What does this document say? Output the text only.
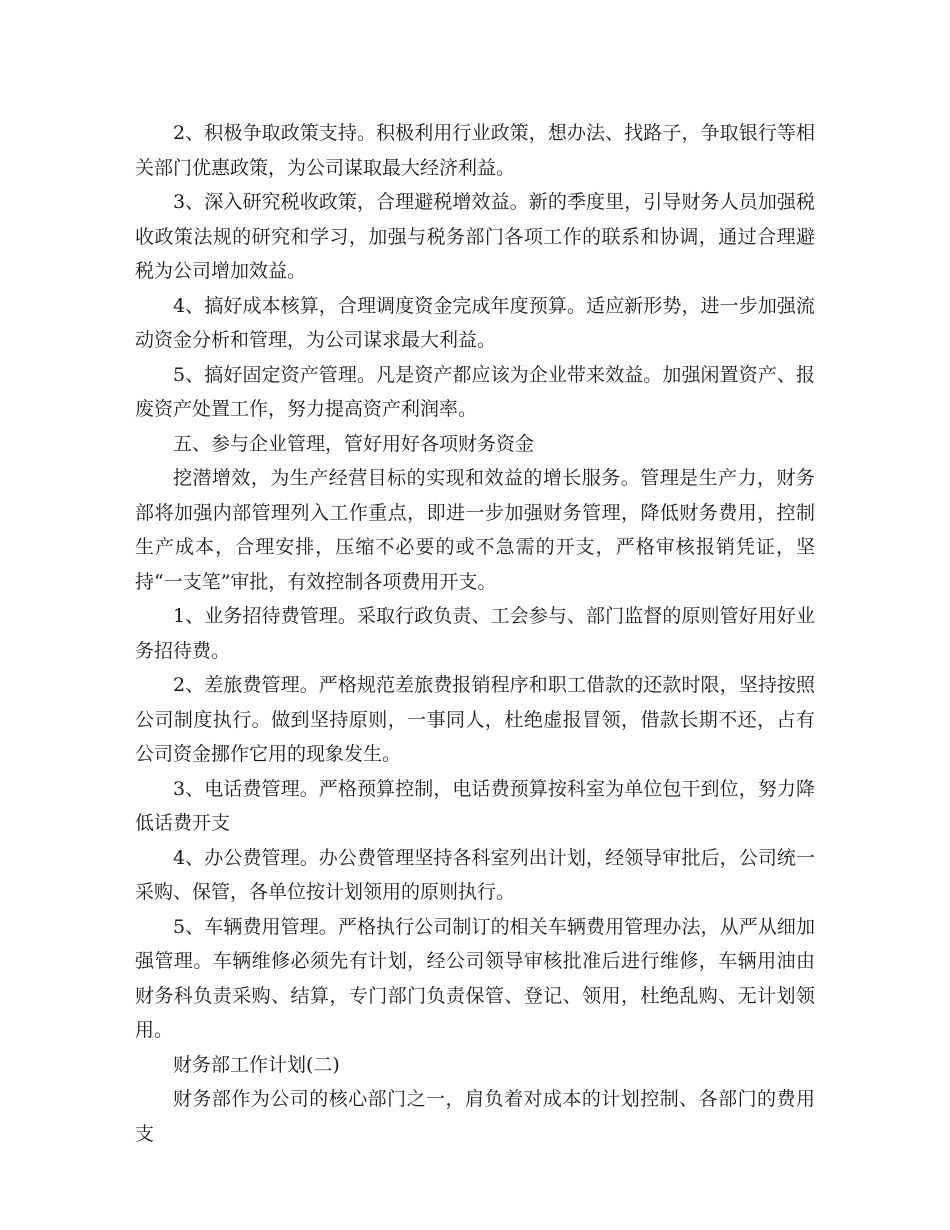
2、积极争取政策支持。积极利用行业政策，想办法、找路子，争取银行等相关部门优惠政策，为公司谋取最大经济利益。

3、深入研究税收政策，合理避税增效益。新的季度里，引导财务人员加强税收政策法规的研究和学习，加强与税务部门各项工作的联系和协调，通过合理避税为公司增加效益。

4、搞好成本核算，合理调度资金完成年度预算。适应新形势，进一步加强流动资金分析和管理，为公司谋求最大利益。

5、搞好固定资产管理。凡是资产都应该为企业带来效益。加强闲置资产、报废资产处置工作，努力提高资产利润率。

五、参与企业管理，管好用好各项财务资金

挖潜增效，为生产经营目标的实现和效益的增长服务。管理是生产力，财务部将加强内部管理列入工作重点，即进一步加强财务管理，降低财务费用，控制生产成本，合理安排，压缩不必要的或不急需的开支，严格审核报销凭证，坚持“一支笔”审批，有效控制各项费用开支。

1、业务招待费管理。采取行政负责、工会参与、部门监督的原则管好用好业务招待费。

2、差旅费管理。严格规范差旅费报销程序和职工借款的还款时限，坚持按照公司制度执行。做到坚持原则，一事同人，杜绝虚报冒领，借款长期不还，占有公司资金挪作它用的现象发生。

3、电话费管理。严格预算控制，电话费预算按科室为单位包干到位，努力降低话费开支

4、办公费管理。办公费管理坚持各科室列出计划，经领导审批后，公司统一采购、保管，各单位按计划领用的原则执行。

5、车辆费用管理。严格执行公司制订的相关车辆费用管理办法，从严从细加强管理。车辆维修必须先有计划，经公司领导审核批准后进行维修，车辆用油由财务科负责采购、结算，专门部门负责保管、登记、领用，杜绝乱购、无计划领用。

财务部工作计划(二)

财务部作为公司的核心部门之一，肩负着对成本的计划控制、各部门的费用支
